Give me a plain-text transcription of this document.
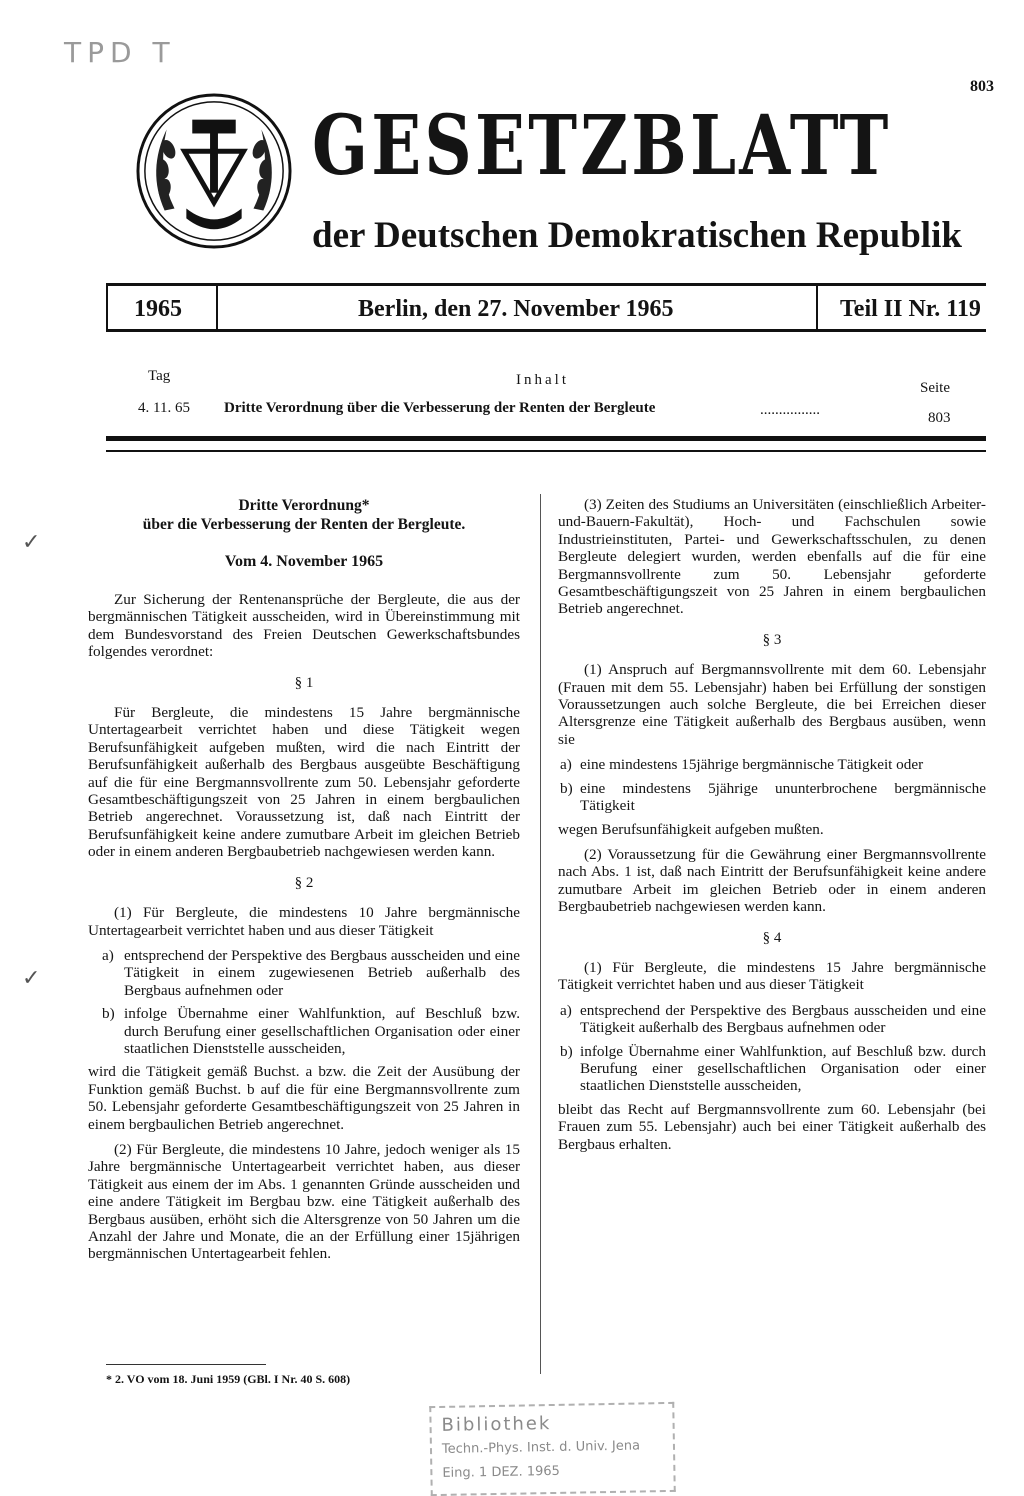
TPD T
✓
✓
803
GESETZBLATT
der Deutschen Demokratischen Republik
1965	Berlin, den 27. November 1965	Teil II Nr. 119
Tag	Inhalt	Seite
4. 11. 65 Dritte Verordnung über die Verbesserung der Renten der Bergleute	................	803
Dritte Verordnung*
über die Verbesserung der Renten der Bergleute.
Vom 4. November 1965

Zur Sicherung der Rentenansprüche der Bergleute, die aus der bergmännischen Tätigkeit ausscheiden, wird in Übereinstimmung mit dem Bundesvorstand des Freien Deutschen Gewerkschaftsbundes folgendes verordnet:

§ 1

Für Bergleute, die mindestens 15 Jahre bergmännische Untertagearbeit verrichtet haben und diese Tätigkeit wegen Berufsunfähigkeit aufgeben mußten, wird die nach Eintritt der Berufsunfähigkeit außerhalb des Bergbaus ausgeübte Beschäftigung auf die für eine Bergmannsvollrente zum 50. Lebensjahr geforderte Gesamtbeschäftigungszeit von 25 Jahren in einem bergbaulichen Betrieb angerechnet. Voraussetzung ist, daß nach Eintritt der Berufsunfähigkeit keine andere zumutbare Arbeit im gleichen Betrieb oder in einem anderen Bergbaubetrieb nachgewiesen werden kann.

§ 2

(1) Für Bergleute, die mindestens 10 Jahre bergmännische Untertagearbeit verrichtet haben und aus dieser Tätigkeit

a) entsprechend der Perspektive des Bergbaus ausscheiden und eine Tätigkeit in einem zugewiesenen Betrieb außerhalb des Bergbaus aufnehmen oder
b) infolge Übernahme einer Wahlfunktion, auf Beschluß bzw. durch Berufung einer gesellschaftlichen Organisation oder einer staatlichen Dienststelle ausscheiden,

wird die Tätigkeit gemäß Buchst. a bzw. die Zeit der Ausübung der Funktion gemäß Buchst. b auf die für eine Bergmannsvollrente zum 50. Lebensjahr geforderte Gesamtbeschäftigungszeit von 25 Jahren in einem bergbaulichen Betrieb angerechnet.

(2) Für Bergleute, die mindestens 10 Jahre, jedoch weniger als 15 Jahre bergmännische Untertagearbeit verrichtet haben, aus dieser Tätigkeit aus einem der im Abs. 1 genannten Gründe ausscheiden und eine andere Tätigkeit im Bergbau bzw. eine Tätigkeit außerhalb des Bergbaus ausüben, erhöht sich die Altersgrenze von 50 Jahren um die Anzahl der Jahre und Monate, die an der Erfüllung einer 15jährigen bergmännischen Untertagearbeit fehlen.

* 2. VO vom 18. Juni 1959 (GBl. I Nr. 40 S. 608)

(3) Zeiten des Studiums an Universitäten (einschließlich Arbeiter-und-Bauern-Fakultät), Hoch- und Fachschulen sowie Industrieinstituten, Partei- und Gewerkschaftsschulen, zu denen Bergleute delegiert wurden, werden ebenfalls auf die für eine Bergmannsvollrente zum 50. Lebensjahr geforderte Gesamtbeschäftigungszeit von 25 Jahren in einem bergbaulichen Betrieb angerechnet.

§ 3

(1) Anspruch auf Bergmannsvollrente mit dem 60. Lebensjahr (Frauen mit dem 55. Lebensjahr) haben bei Erfüllung der sonstigen Voraussetzungen auch solche Bergleute, die bei Erreichen dieser Altersgrenze eine Tätigkeit außerhalb des Bergbaus ausüben, wenn sie

a) eine mindestens 15jährige bergmännische Tätigkeit oder
b) eine mindestens 5jährige ununterbrochene bergmännische Tätigkeit

wegen Berufsunfähigkeit aufgeben mußten.

(2) Voraussetzung für die Gewährung einer Bergmannsvollrente nach Abs. 1 ist, daß nach Eintritt der Berufsunfähigkeit keine andere zumutbare Arbeit im gleichen Betrieb oder in einem anderen Bergbaubetrieb nachgewiesen werden kann.

§ 4

(1) Für Bergleute, die mindestens 15 Jahre bergmännische Tätigkeit verrichtet haben und aus dieser Tätigkeit

a) entsprechend der Perspektive des Bergbaus ausscheiden und eine Tätigkeit außerhalb des Bergbaus aufnehmen oder
b) infolge Übernahme einer Wahlfunktion, auf Beschluß bzw. durch Berufung einer gesellschaftlichen Organisation oder einer staatlichen Dienststelle ausscheiden,

bleibt das Recht auf Bergmannsvollrente zum 60. Lebensjahr (bei Frauen zum 55. Lebensjahr) auch bei einer Tätigkeit außerhalb des Bergbaus erhalten.

Bibliothek
Techn.-Phys. Inst. d. Univ. Jena
Eing. 1 DEZ. 1965
